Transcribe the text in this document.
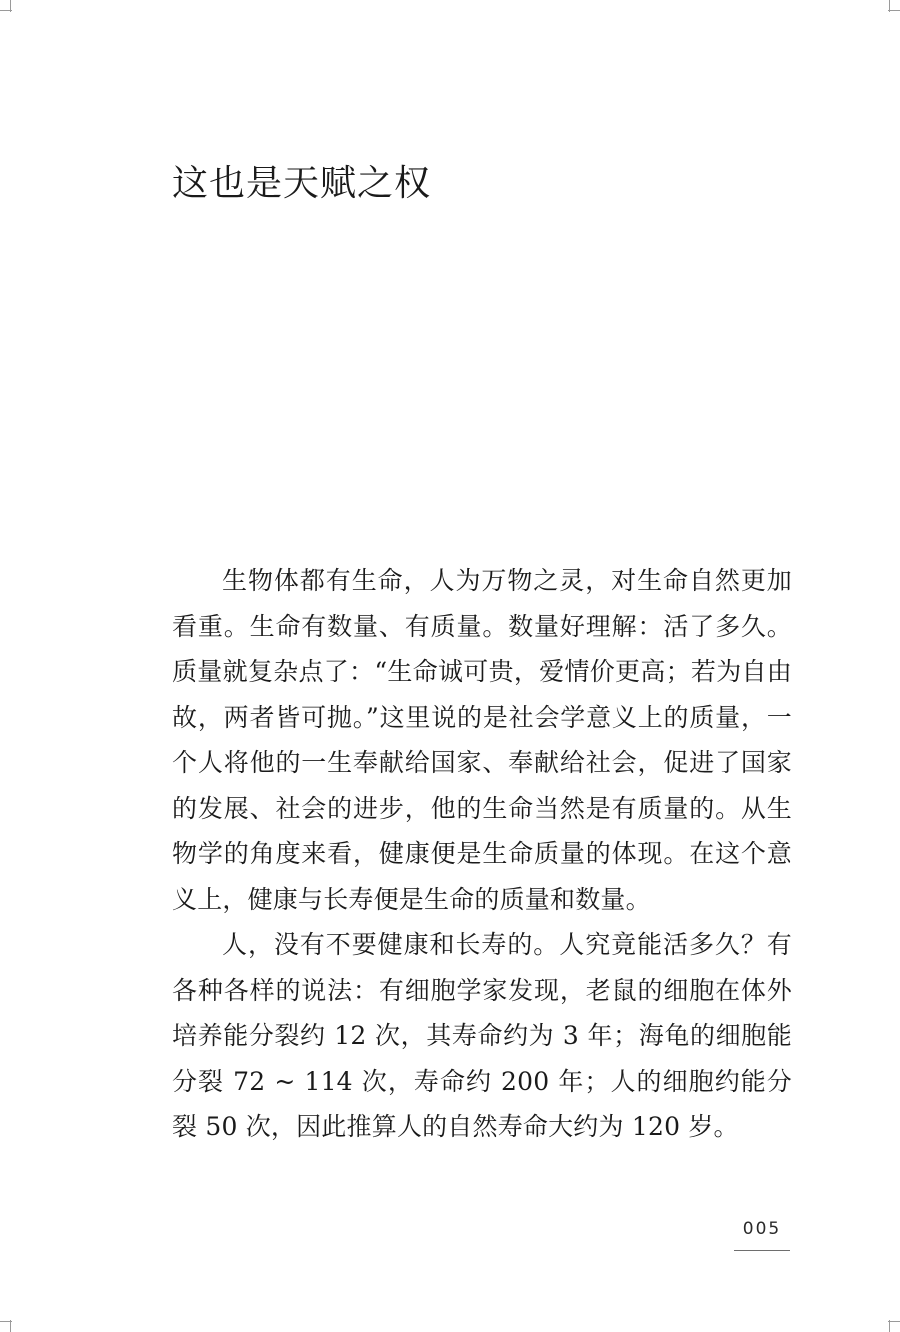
这也是天赋之权

生物体都有生命，人为万物之灵，对生命自然更加看重。生命有数量、有质量。数量好理解：活了多久。质量就复杂点了：“生命诚可贵，爱情价更高；若为自由故，两者皆可抛。”这里说的是社会学意义上的质量，一个人将他的一生奉献给国家、奉献给社会，促进了国家的发展、社会的进步，他的生命当然是有质量的。从生物学的角度来看，健康便是生命质量的体现。在这个意义上，健康与长寿便是生命的质量和数量。

人，没有不要健康和长寿的。人究竟能活多久？有各种各样的说法：有细胞学家发现，老鼠的细胞在体外培养能分裂约 12 次，其寿命约为 3 年；海龟的细胞能分裂 72 ~ 114 次，寿命约 200 年；人的细胞约能分裂 50 次，因此推算人的自然寿命大约为 120 岁。

005
